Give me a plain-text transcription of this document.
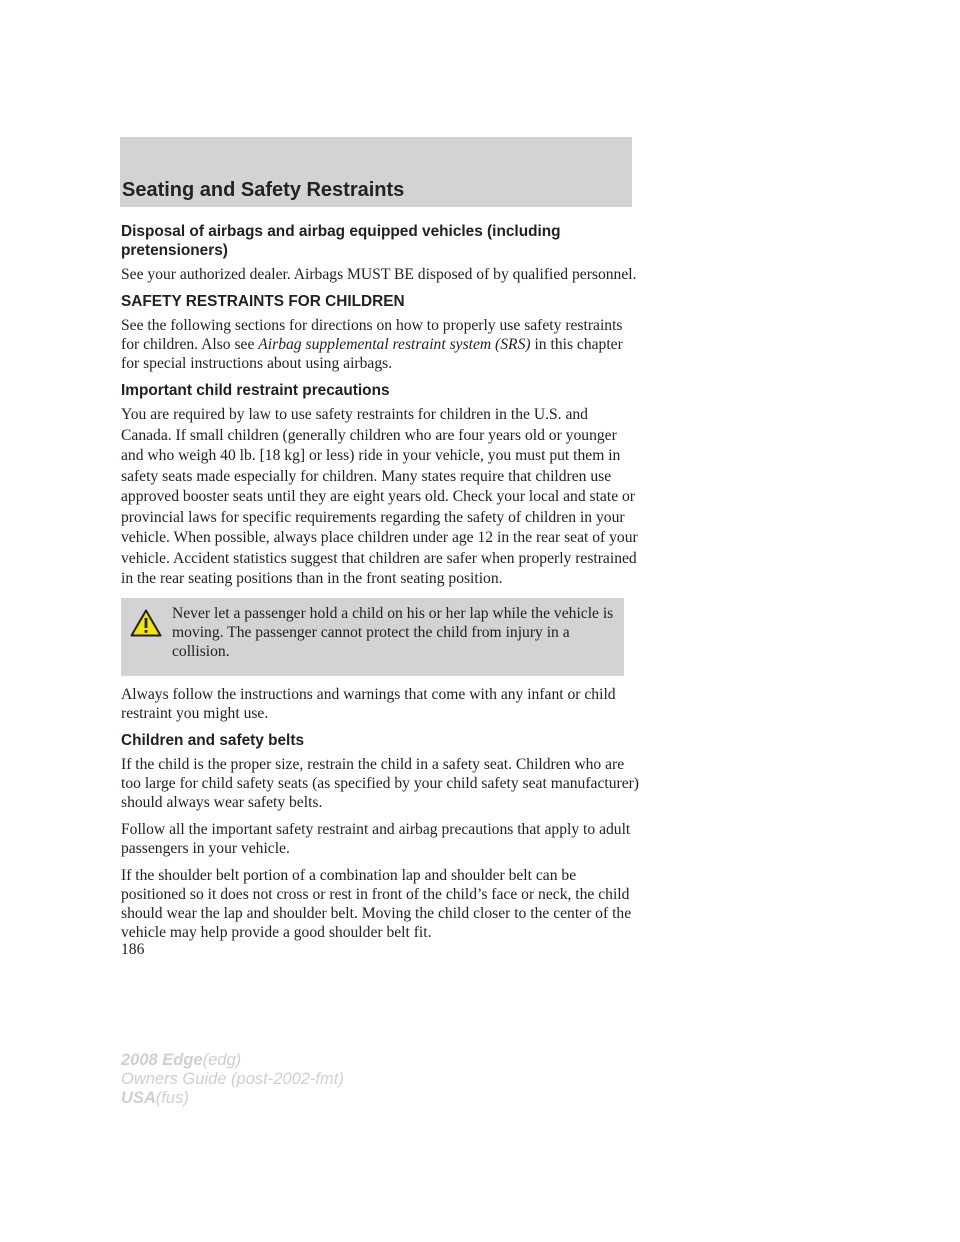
Seating and Safety Restraints
Disposal of airbags and airbag equipped vehicles (including pretensioners)

See your authorized dealer. Airbags MUST BE disposed of by qualified personnel.

SAFETY RESTRAINTS FOR CHILDREN

See the following sections for directions on how to properly use safety restraints for children. Also see Airbag supplemental restraint system (SRS) in this chapter for special instructions about using airbags.

Important child restraint precautions

You are required by law to use safety restraints for children in the U.S. and Canada. If small children (generally children who are four years old or younger and who weigh 40 lb. [18 kg] or less) ride in your vehicle, you must put them in safety seats made especially for children. Many states require that children use approved booster seats until they are eight years old. Check your local and state or provincial laws for specific requirements regarding the safety of children in your vehicle. When possible, always place children under age 12 in the rear seat of your vehicle. Accident statistics suggest that children are safer when properly restrained in the rear seating positions than in the front seating position.

Never let a passenger hold a child on his or her lap while the vehicle is moving. The passenger cannot protect the child from injury in a collision.

Always follow the instructions and warnings that come with any infant or child restraint you might use.

Children and safety belts

If the child is the proper size, restrain the child in a safety seat. Children who are too large for child safety seats (as specified by your child safety seat manufacturer) should always wear safety belts.

Follow all the important safety restraint and airbag precautions that apply to adult passengers in your vehicle.

If the shoulder belt portion of a combination lap and shoulder belt can be positioned so it does not cross or rest in front of the child’s face or neck, the child should wear the lap and shoulder belt. Moving the child closer to the center of the vehicle may help provide a good shoulder belt fit.

186
2008 Edge(edg)
Owners Guide (post-2002-fmt)
USA(fus)
